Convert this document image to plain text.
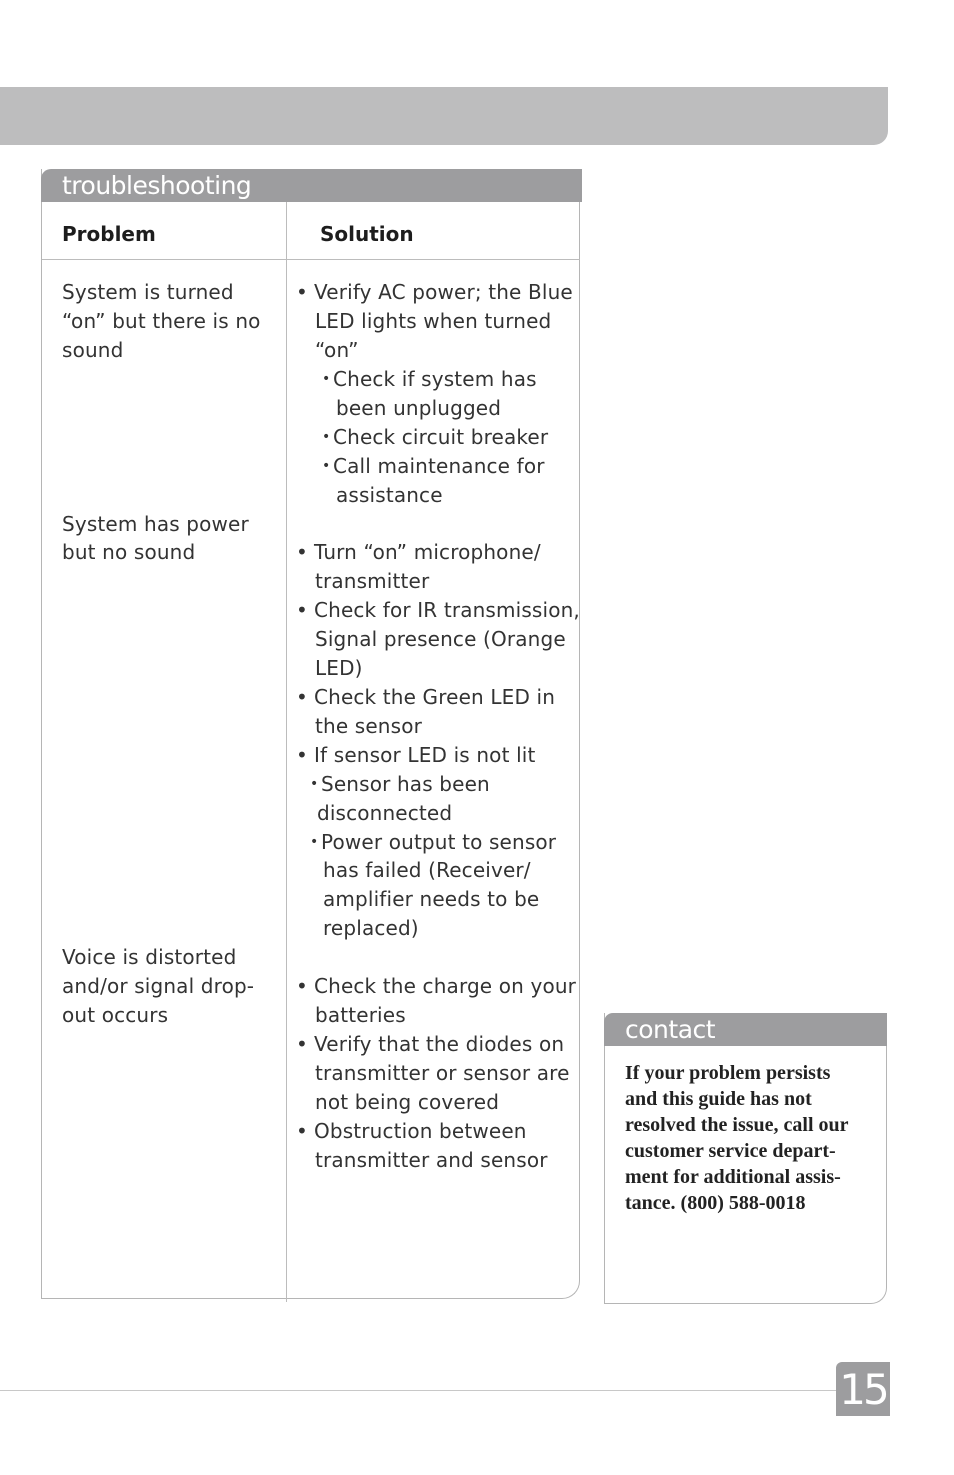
troubleshooting
Problem	Solution
System is turned
“on” but there is no
sound
• Verify AC power; the Blue
LED lights when turned
“on”
• Check if system has
been unplugged
• Check circuit breaker
• Call maintenance for
assistance
System has power
but no sound	• Turn “on” microphone/
transmitter
• Check for IR transmission,
Signal presence (Orange
LED)
• Check the Green LED in
the sensor
• If sensor LED is not lit
• Sensor has been
disconnected
• Power output to sensor
has failed (Receiver/
amplifier needs to be
replaced)
Voice is distorted
and/or signal drop-
out occurs
• Check the charge on your
batteries
• Verify that the diodes on
transmitter or sensor are
not being covered
• Obstruction between
transmitter and sensor
contact
If your problem persists
and this guide has not
resolved the issue, call our
customer service depart-
ment for additional assis-
tance. (800) 588-0018
15
